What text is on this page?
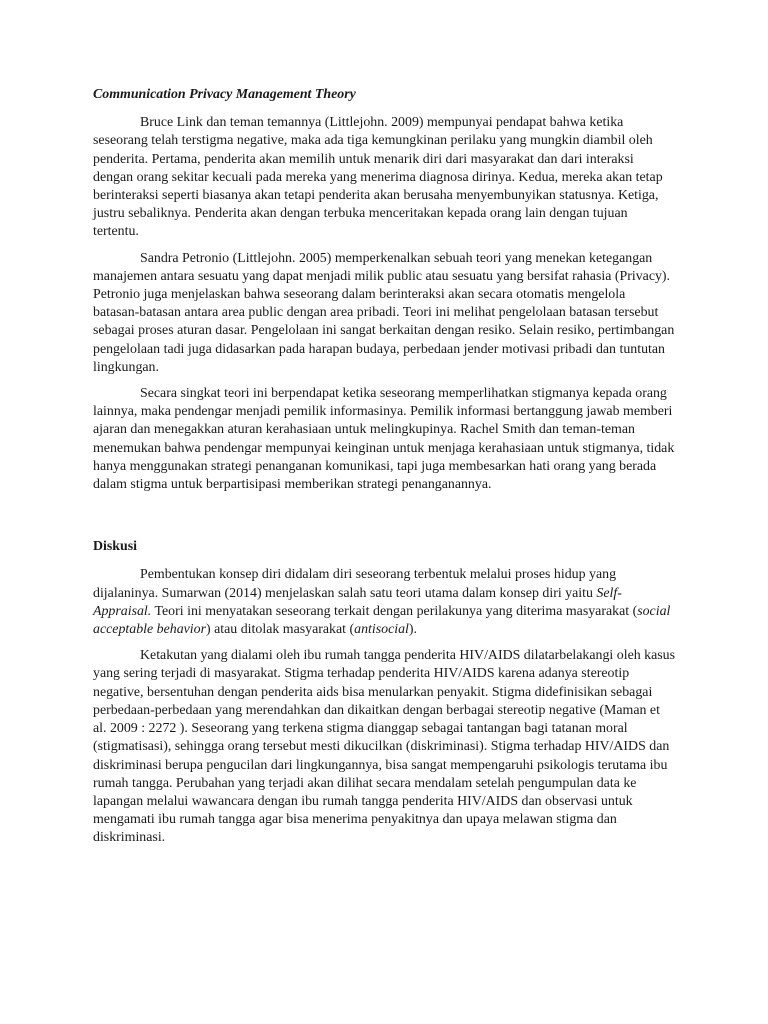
Communication Privacy Management Theory

Bruce Link dan teman temannya (Littlejohn. 2009) mempunyai pendapat bahwa ketika seseorang telah terstigma negative, maka ada tiga kemungkinan perilaku yang mungkin diambil oleh penderita. Pertama, penderita akan memilih untuk menarik diri dari masyarakat dan dari interaksi dengan orang sekitar kecuali pada mereka yang menerima diagnosa dirinya. Kedua, mereka akan tetap berinteraksi seperti biasanya akan tetapi penderita akan berusaha menyembunyikan statusnya. Ketiga, justru sebaliknya. Penderita akan dengan terbuka menceritakan kepada orang lain dengan tujuan tertentu.

Sandra Petronio (Littlejohn. 2005) memperkenalkan sebuah teori yang menekan ketegangan manajemen antara sesuatu yang dapat menjadi milik public atau sesuatu yang bersifat rahasia (Privacy). Petronio juga menjelaskan bahwa seseorang dalam berinteraksi akan secara otomatis mengelola batasan-batasan antara area public dengan area pribadi. Teori ini melihat pengelolaan batasan tersebut sebagai proses aturan dasar. Pengelolaan ini sangat berkaitan dengan resiko. Selain resiko, pertimbangan pengelolaan tadi juga didasarkan pada harapan budaya, perbedaan jender motivasi pribadi dan tuntutan lingkungan.

Secara singkat teori ini berpendapat ketika seseorang memperlihatkan stigmanya kepada orang lainnya, maka pendengar menjadi pemilik informasinya. Pemilik informasi bertanggung jawab memberi ajaran dan menegakkan aturan kerahasiaan untuk melingkupinya. Rachel Smith dan teman-teman menemukan bahwa pendengar mempunyai keinginan untuk menjaga kerahasiaan untuk stigmanya, tidak hanya menggunakan strategi penanganan komunikasi, tapi juga membesarkan hati orang yang berada dalam stigma untuk berpartisipasi memberikan strategi penanganannya.

Diskusi

Pembentukan konsep diri didalam diri seseorang terbentuk melalui proses hidup yang dijalaninya. Sumarwan (2014) menjelaskan salah satu teori utama dalam konsep diri yaitu Self-Appraisal. Teori ini menyatakan seseorang terkait dengan perilakunya yang diterima masyarakat (social acceptable behavior) atau ditolak masyarakat (antisocial).

Ketakutan yang dialami oleh ibu rumah tangga penderita HIV/AIDS dilatarbelakangi oleh kasus yang sering terjadi di masyarakat. Stigma terhadap penderita HIV/AIDS karena adanya stereotip negative, bersentuhan dengan penderita aids bisa menularkan penyakit. Stigma didefinisikan sebagai perbedaan-perbedaan yang merendahkan dan dikaitkan dengan berbagai stereotip negative (Maman et al. 2009 : 2272 ). Seseorang yang terkena stigma dianggap sebagai tantangan bagi tatanan moral (stigmatisasi), sehingga orang tersebut mesti dikucilkan (diskriminasi). Stigma terhadap HIV/AIDS dan diskriminasi berupa pengucilan dari lingkungannya, bisa sangat mempengaruhi psikologis terutama ibu rumah tangga. Perubahan yang terjadi akan dilihat secara mendalam setelah pengumpulan data ke lapangan melalui wawancara dengan ibu rumah tangga penderita HIV/AIDS dan observasi untuk mengamati ibu rumah tangga agar bisa menerima penyakitnya dan upaya melawan stigma dan diskriminasi.
